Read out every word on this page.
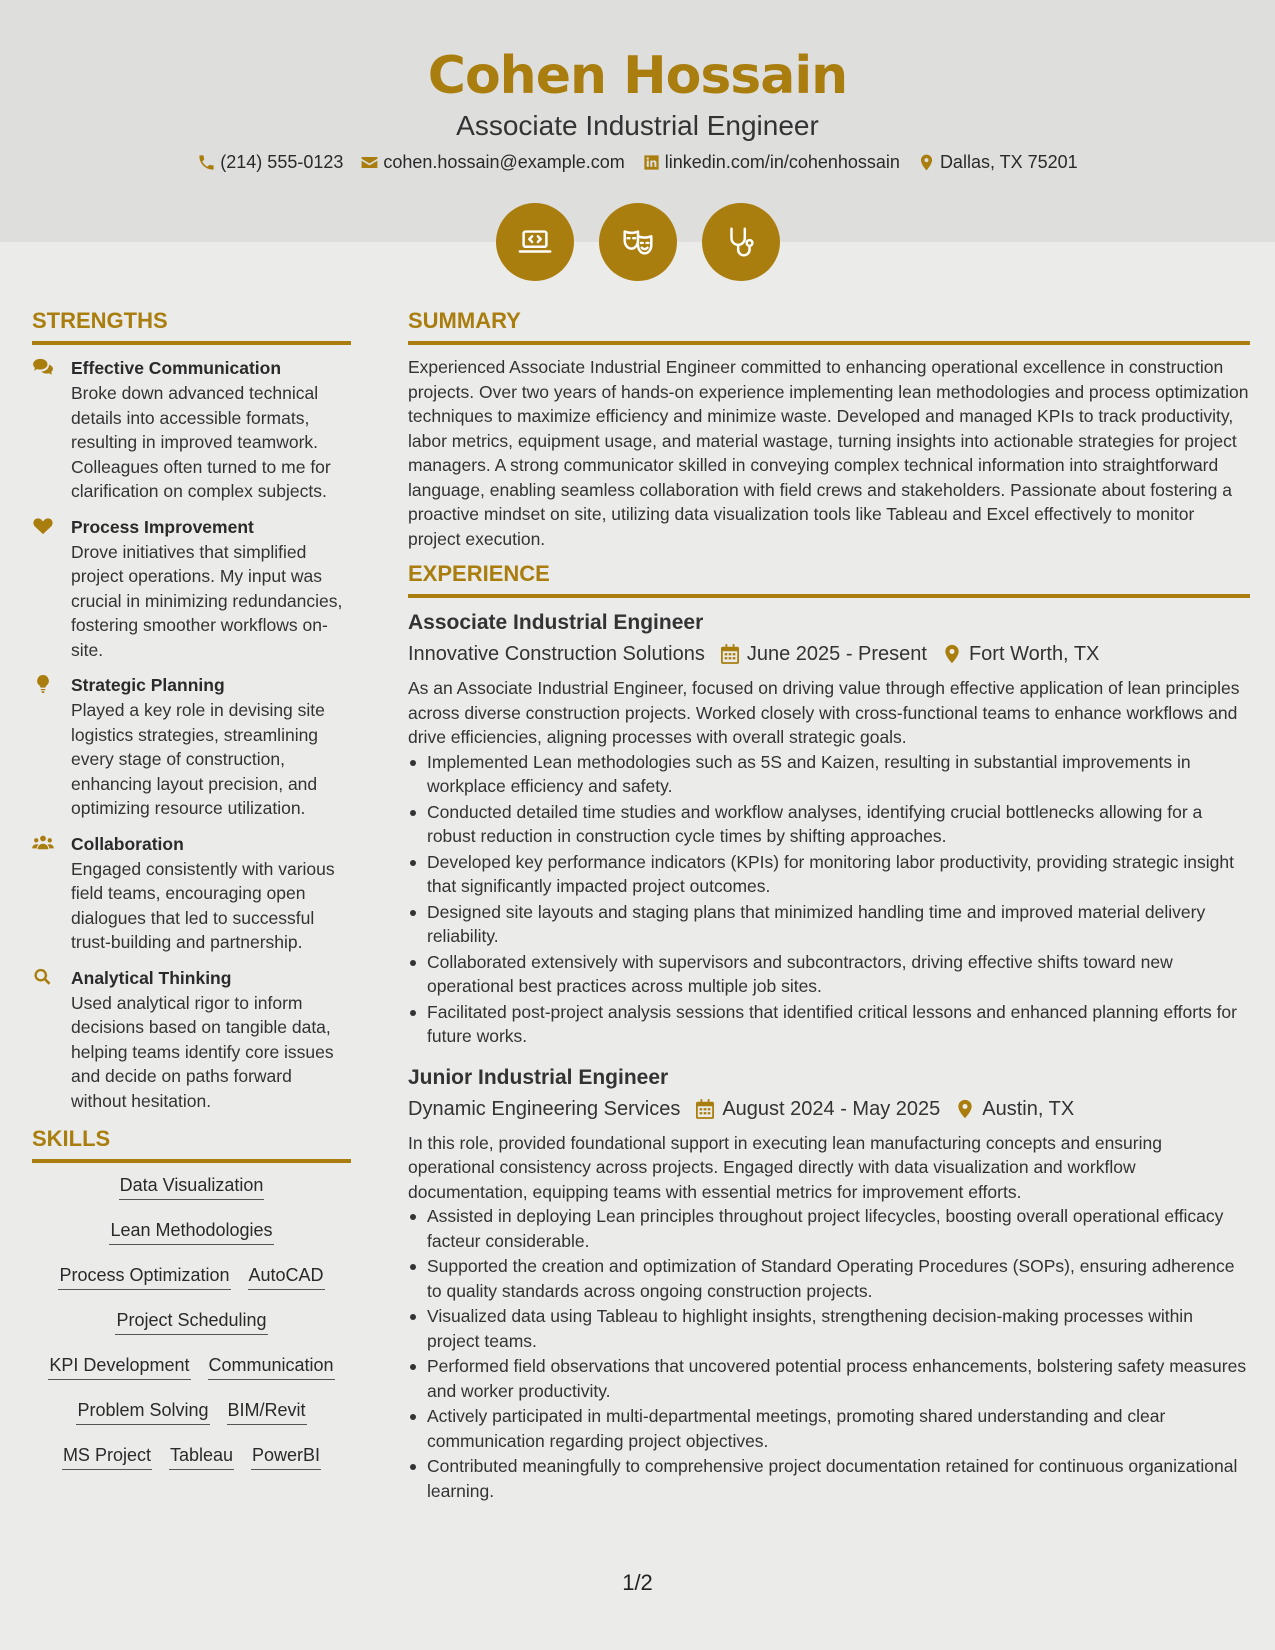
Cohen Hossain
Associate Industrial Engineer
(214) 555-0123 cohen.hossain@example.com linkedin.com/in/cohenhossain Dallas, TX 75201
STRENGTHS
Effective Communication

Broke down advanced technical details into accessible formats, resulting in improved teamwork. Colleagues often turned to me for clarification on complex subjects.

Process Improvement

Drove initiatives that simplified project operations. My input was crucial in minimizing redundancies, fostering smoother workflows on-site.

Strategic Planning

Played a key role in devising site logistics strategies, streamlining every stage of construction, enhancing layout precision, and optimizing resource utilization.

Collaboration

Engaged consistently with various field teams, encouraging open dialogues that led to successful trust-building and partnership.

Analytical Thinking

Used analytical rigor to inform decisions based on tangible data, helping teams identify core issues and decide on paths forward without hesitation.

SKILLS
Data Visualization
Lean Methodologies
Process Optimization AutoCAD
Project Scheduling
KPI Development Communication
Problem Solving BIM/Revit
MS Project Tableau PowerBI
SUMMARY

Experienced Associate Industrial Engineer committed to enhancing operational excellence in construction projects. Over two years of hands-on experience implementing lean methodologies and process optimization techniques to maximize efficiency and minimize waste. Developed and managed KPIs to track productivity, labor metrics, equipment usage, and material wastage, turning insights into actionable strategies for project managers. A strong communicator skilled in conveying complex technical information into straightforward language, enabling seamless collaboration with field crews and stakeholders. Passionate about fostering a proactive mindset on site, utilizing data visualization tools like Tableau and Excel effectively to monitor project execution.

EXPERIENCE
Associate Industrial Engineer
Innovative Construction Solutions June 2025 - Present Fort Worth, TX

As an Associate Industrial Engineer, focused on driving value through effective application of lean principles across diverse construction projects. Worked closely with cross-functional teams to enhance workflows and drive efficiencies, aligning processes with overall strategic goals.

Implemented Lean methodologies such as 5S and Kaizen, resulting in substantial improvements in workplace efficiency and safety.
Conducted detailed time studies and workflow analyses, identifying crucial bottlenecks allowing for a robust reduction in construction cycle times by shifting approaches.
Developed key performance indicators (KPIs) for monitoring labor productivity, providing strategic insight that significantly impacted project outcomes.
Designed site layouts and staging plans that minimized handling time and improved material delivery reliability.
Collaborated extensively with supervisors and subcontractors, driving effective shifts toward new operational best practices across multiple job sites.
Facilitated post-project analysis sessions that identified critical lessons and enhanced planning efforts for future works.
Junior Industrial Engineer
Dynamic Engineering Services August 2024 - May 2025 Austin, TX

In this role, provided foundational support in executing lean manufacturing concepts and ensuring operational consistency across projects. Engaged directly with data visualization and workflow documentation, equipping teams with essential metrics for improvement efforts.

Assisted in deploying Lean principles throughout project lifecycles, boosting overall operational efficacy facteur considerable.
Supported the creation and optimization of Standard Operating Procedures (SOPs), ensuring adherence to quality standards across ongoing construction projects.
Visualized data using Tableau to highlight insights, strengthening decision-making processes within project teams.
Performed field observations that uncovered potential process enhancements, bolstering safety measures and worker productivity.
Actively participated in multi-departmental meetings, promoting shared understanding and clear communication regarding project objectives.
Contributed meaningfully to comprehensive project documentation retained for continuous organizational learning.
1/2
